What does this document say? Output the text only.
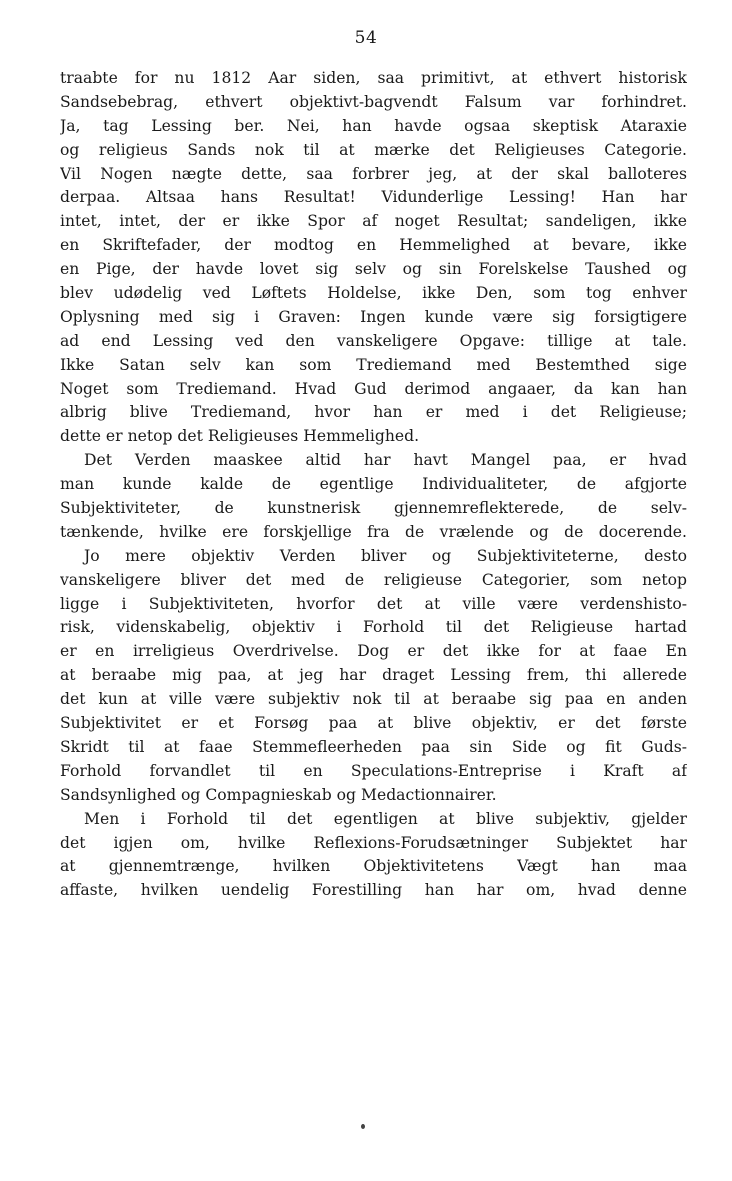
54
traabte for nu 1812 Aar siden, saa primitivt, at ethvert historisk
Sandsebebrag, ethvert objektivt-bagvendt Falsum var forhindret.
Ja, tag Lessing ber. Nei, han havde ogsaa skeptisk Ataraxie
og religieus Sands nok til at mærke det Religieuses Categorie.
Vil Nogen nægte dette, saa forbrer jeg, at der skal balloteres
derpaa. Altsaa hans Resultat! Vidunderlige Lessing! Han har
intet, intet, der er ikke Spor af noget Resultat; sandeligen, ikke
en Skriftefader, der modtog en Hemmelighed at bevare, ikke
en Pige, der havde lovet sig selv og sin Forelskelse Taushed og
blev udødelig ved Løftets Holdelse, ikke Den, som tog enhver
Oplysning med sig i Graven: Ingen kunde være sig forsigtigere
ad end Lessing ved den vanskeligere Opgave: tillige at tale.
Ikke Satan selv kan som Trediemand med Bestemthed sige
Noget som Trediemand. Hvad Gud derimod angaaer, da kan han
albrig blive Trediemand, hvor han er med i det Religieuse;
dette er netop det Religieuses Hemmelighed.
Det Verden maaskee altid har havt Mangel paa, er hvad
man kunde kalde de egentlige Individualiteter, de afgjorte
Subjektiviteter, de kunstnerisk gjennemreflekterede, de selv-
tænkende, hvilke ere forskjellige fra de vrælende og de docerende.
Jo mere objektiv Verden bliver og Subjektiviteterne, desto
vanskeligere bliver det med de religieuse Categorier, som netop
ligge i Subjektiviteten, hvorfor det at ville være verdenshisto-
risk, videnskabelig, objektiv i Forhold til det Religieuse hartad
er en irreligieus Overdrivelse. Dog er det ikke for at faae En
at beraabe mig paa, at jeg har draget Lessing frem, thi allerede
det kun at ville være subjektiv nok til at beraabe sig paa en anden
Subjektivitet er et Forsøg paa at blive objektiv, er det første
Skridt til at faae Stemmefleerheden paa sin Side og fit Guds-
Forhold forvandlet til en Speculations-Entreprise i Kraft af
Sandsynlighed og Compagnieskab og Medactionnairer.
Men i Forhold til det egentligen at blive subjektiv, gjelder
det igjen om, hvilke Reflexions-Forudsætninger Subjektet har
at gjennemtrænge, hvilken Objektivitetens Vægt han maa
affaste, hvilken uendelig Forestilling han har om, hvad denne
